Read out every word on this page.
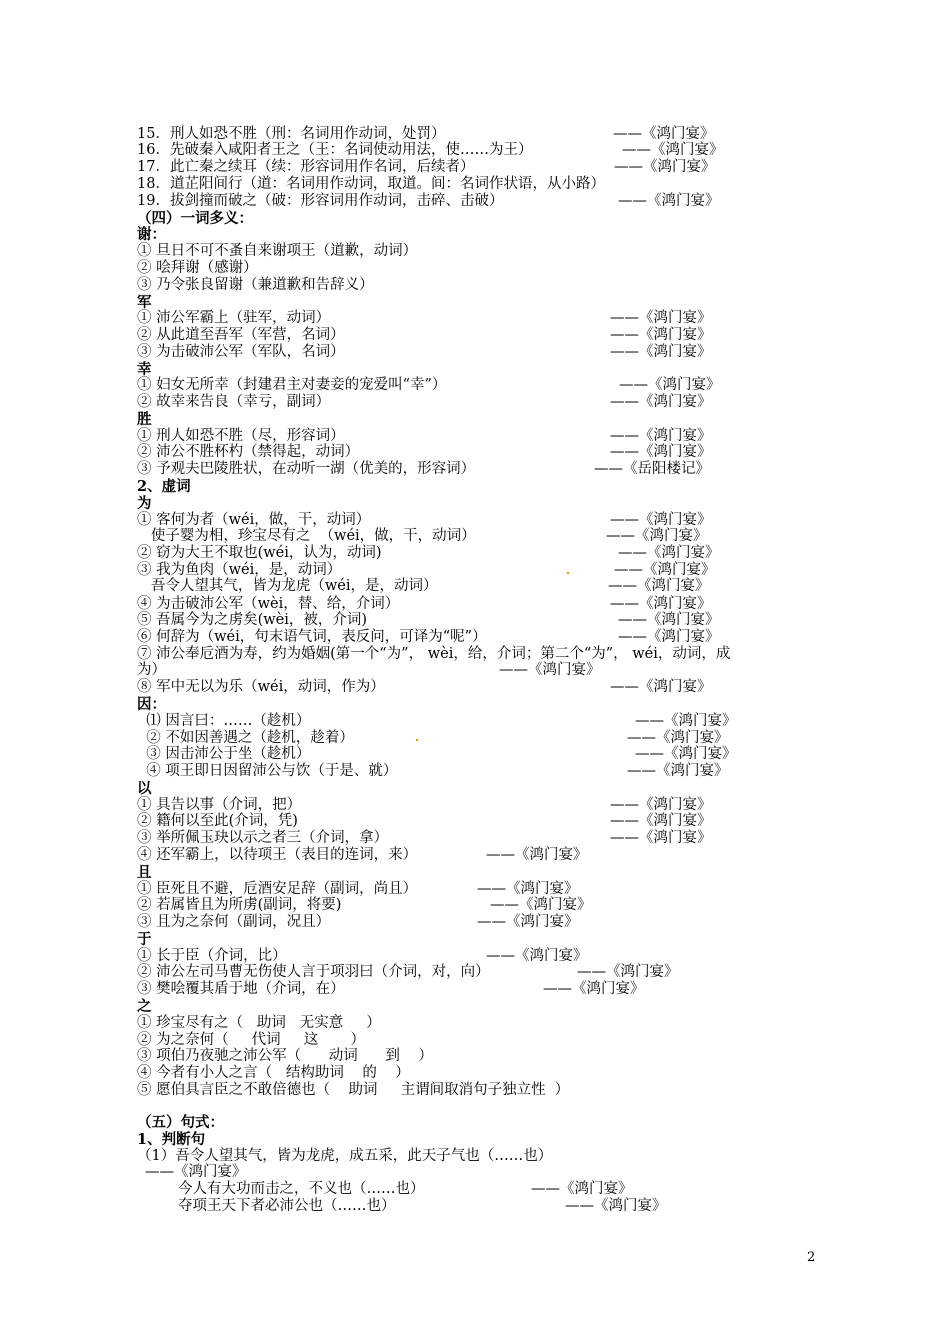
15．刑人如恐不胜（刑：名词用作动词，处罚）	——《鸿门宴》
16．先破秦入咸阳者王之（王：名词使动用法，使……为王）	——《鸿门宴》
17．此亡秦之续耳（续：形容词用作名词，后续者）	——《鸿门宴》
18．道芷阳间行（道：名词用作动词，取道。间：名词作状语，从小路）
19．拔剑撞而破之（破：形容词用作动词，击碎、击破）	——《鸿门宴》
（四）一词多义：
谢：
① 旦日不可不蚤自来谢项王（道歉，动词）
② 哙拜谢（感谢）
③ 乃令张良留谢（兼道歉和告辞义）
军
① 沛公军霸上（驻军，动词）	——《鸿门宴》
② 从此道至吾军（军营，名词）	——《鸿门宴》
③ 为击破沛公军（军队，名词）	——《鸿门宴》
幸
① 妇女无所幸（封建君主对妻妾的宠爱叫“幸”）	——《鸿门宴》
② 故幸来告良（幸亏，副词）	——《鸿门宴》
胜
① 刑人如恐不胜（尽，形容词）	——《鸿门宴》
② 沛公不胜杯杓（禁得起，动词）	——《鸿门宴》
③ 予观夫巴陵胜状，在动听一湖（优美的，形容词）	——《岳阳楼记》
2、虚词
为
① 客何为者（wéi，做，干，动词）	——《鸿门宴》
使子婴为相，珍宝尽有之  （wéi，做，干，动词）	——《鸿门宴》
② 窃为大王不取也(wéi，认为，动词)	——《鸿门宴》
③ 我为鱼肉（wéi，是，动词）	——《鸿门宴》
吾令人望其气，皆为龙虎（wéi，是，动词）	——《鸿门宴》
④ 为击破沛公军（wèi，替、给，介词）	——《鸿门宴》
⑤ 吾属今为之虏矣(wèi，被，介词)	——《鸿门宴》
⑥ 何辞为（wéi，句末语气词，表反问，可译为“呢”）	——《鸿门宴》
⑦ 沛公奉卮酒为寿，约为婚姻(第一个“为”， wèi，给，介词；第二个“为”， wéi，动词，成
为）	——《鸿门宴》
⑧ 军中无以为乐（wéi，动词，作为）	——《鸿门宴》
因：
⑴ 因言曰：……（趁机）	——《鸿门宴》
② 不如因善遇之（趁机，趁着）	——《鸿门宴》
③ 因击沛公于坐（趁机）	——《鸿门宴》
④ 项王即日因留沛公与饮（于是、就）	——《鸿门宴》
以
① 具告以事（介词，把）	——《鸿门宴》
② 籍何以至此(介词，凭)	——《鸿门宴》
③ 举所佩玉玦以示之者三（介词，拿）	——《鸿门宴》
④ 还军霸上，以待项王（表目的连词，来）	——《鸿门宴》
且
① 臣死且不避，卮酒安足辞（副词，尚且）	——《鸿门宴》
② 若属皆且为所虏(副词，将要)	——《鸿门宴》
③ 且为之奈何（副词，况且）	——《鸿门宴》
于
① 长于臣（介词，比）	——《鸿门宴》
② 沛公左司马曹无伤使人言于项羽曰（介词，对，向）	——《鸿门宴》
③ 樊哙覆其盾于地（介词，在）	——《鸿门宴》
之
① 珍宝尽有之（   助词   无实意     ）
② 为之奈何（     代词     这       ）
③ 项伯乃夜驰之沛公军（      动词      到    ）
④ 今者有小人之言（   结构助词    的    ）
⑤ 愿伯具言臣之不敢倍德也（    助词     主谓间取消句子独立性  ）
（五）句式：
1、判断句
（1）吾令人望其气，皆为龙虎，成五采，此天子气也（……也）
——《鸿门宴》
今人有大功而击之，不义也（……也）	——《鸿门宴》
夺项王天下者必沛公也（……也）	——《鸿门宴》
2
